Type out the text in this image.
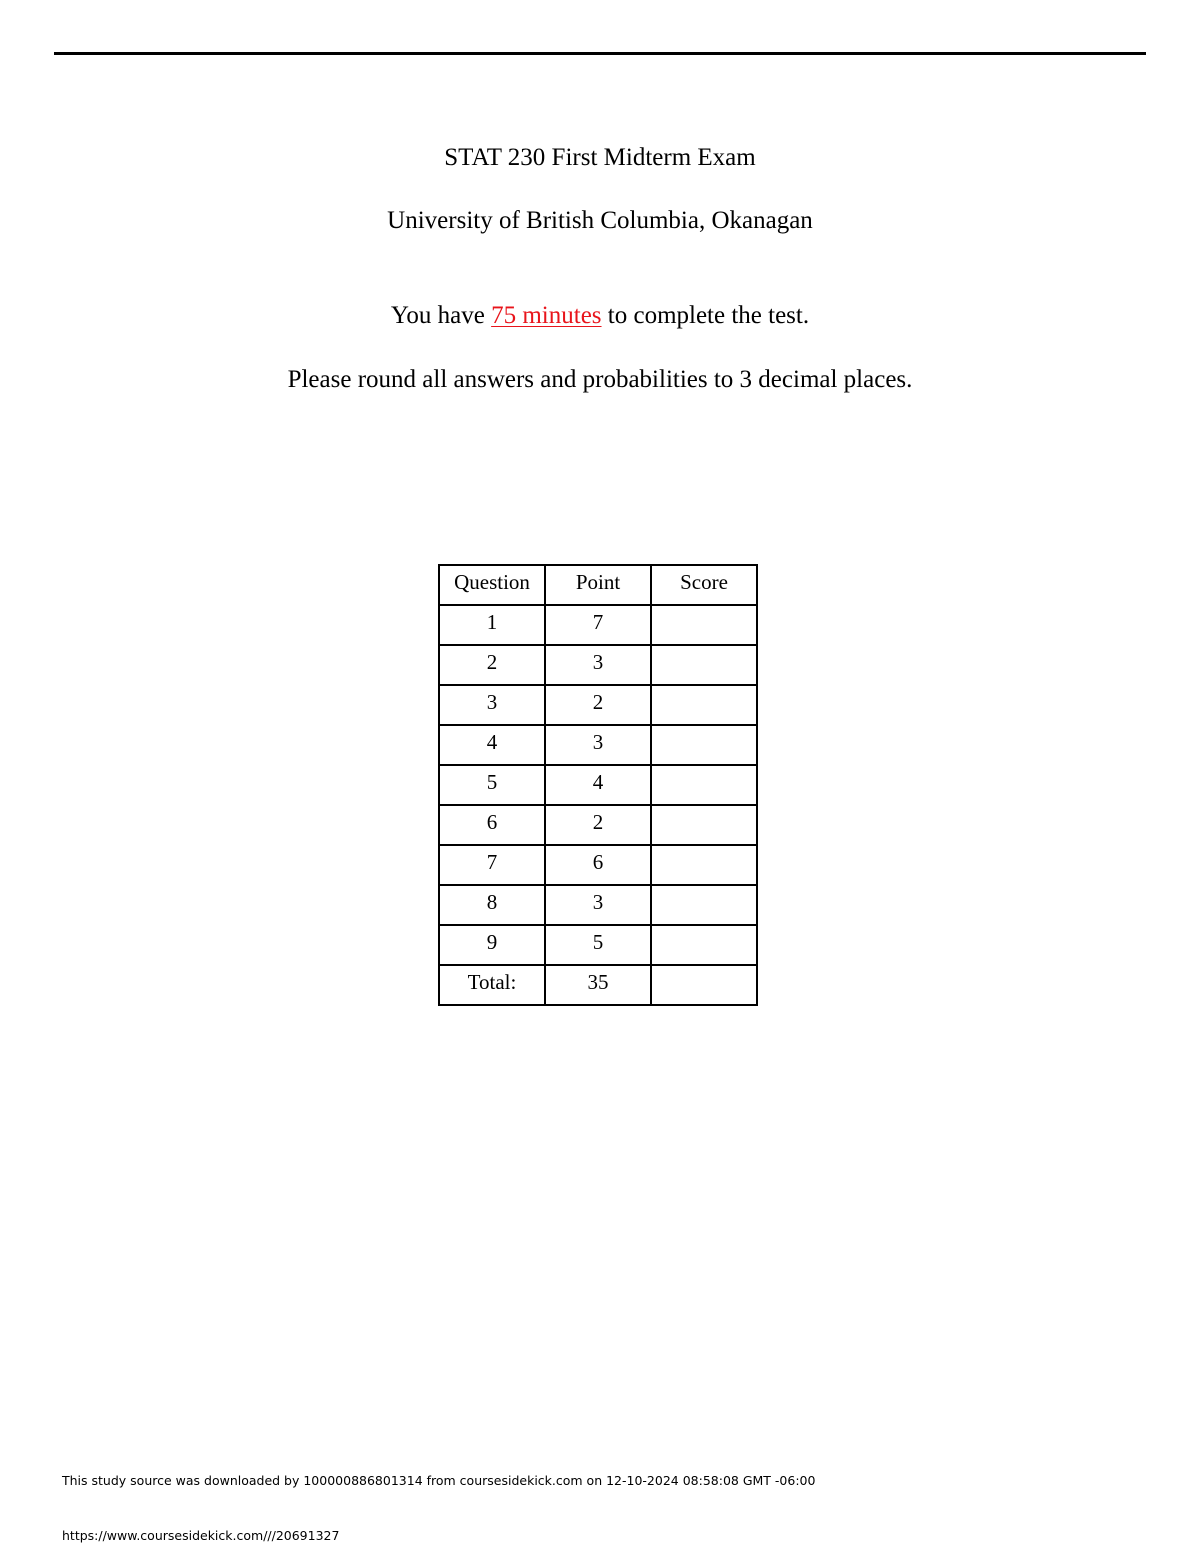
STAT 230 First Midterm Exam
University of British Columbia, Okanagan
You have 75 minutes to complete the test.
Please round all answers and probabilities to 3 decimal places.
Question	Point	Score
1	7	
2	3	
3	2	
4	3	
5	4	
6	2	
7	6	
8	3	
9	5	
Total:	35	
This study source was downloaded by 100000886801314 from coursesidekick.com on 12-10-2024 08:58:08 GMT -06:00
https://www.coursesidekick.com///20691327
